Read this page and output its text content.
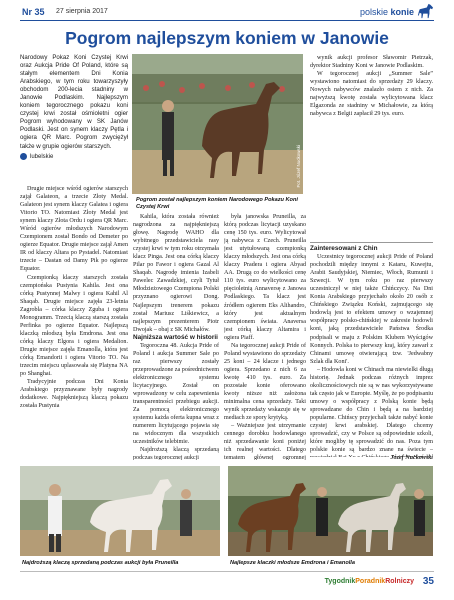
Nr 35 27 sierpnia 2017	polskie konie
Pogrom najlepszym koniem w Janowie

Narodowy Pokaz Koni Czystej Krwi oraz Aukcja Pride Of Poland, które są stałym elementem Dni Konia Arabskiego, w tym roku towarzyszyły obchodom 200-lecia stadniny w Janowie Podlaskim. Najlepszym koniem tegorocznego pokazu koni czystej krwi został ośmioletni ogier Pogrom wyhodowany w SK Janów Podlaski. Jest on synem klaczy Pętla i ogiera QR Marc. Pogrom zwyciężył także w grupie ogierów starszych.

lubelskie	Fot. Józef Nuckowski
Pogrom został najlepszym koniem Narodowego Pokazu Koni Czystej Krwi

Drugie miejsce wśród ogierów starszych zajął Galateon, a trzecie Złoty Medal. Galateon jest synem klaczy Galatea i ogiera Vitorio TO. Natomiast Złoty Medal jest synem klaczy Złota Ordu i ogiera QR Marc. Wśród ogierów młodszych Narodowym Czempionem został Bondo od Demeter po ogierze Equator. Drugie miejsce zajął Amen IR od klaczy Altara po Pystadel. Natomiast trzecie – Dastan od Damy Pik po ogierze Equator.

Czempionką klaczy starszych została czempiońska Pustynia Kahila. Jest ona córką Pustynnej Malwy i ogiera Kahil Al Shaqab. Drugie miejsce zajęła 23-letnia Zagrobla – córka klaczy Zguba i ogiera Monogramm. Trzecią klaczą starszą została Perfinka po ogierze Equator. Najlepszą klaczką młodszą była Emdrona. Jest ona córką klaczy Elgora i ogiera Medalion. Drugie miejsce zajęła Emanolla, która jest córką Emandorii i ogiera Vitorio TO. Na trzecim miejscu uplasowała się Platyna NA po Shanghai.

Tradycyjnie podczas Dni Konia Arabskiego przyznawane były nagrody dodatkowe. Najpiękniejszą klaczą pokazu została Pustynia

Kahila, która została również nagrodzona za najpiękniejszą głowę. Nagrodę WAHO dla wybitnego przedstawiciela rasy czystej krwi w tym roku otrzymała klacz Pinga. Jest ona córką klaczy Pilar po Fawor i ogiera Gazal Al Shaqab. Nagrodę imienia Izabeli Pawelec Zawadzkiej, czyli Tytuł Młodzieżowego Czempiona Polski przyznano ogierowi Dong. Najlepszym trenerem pokazu został Mariusz Liśkiewicz, a najlepszym prezenterem Piotr Dwojak – obaj z SK Michałów.

Najniższa wartość w historii

Tegoroczna 48. Aukcja Pride of Poland i aukcja Summer Sale po raz pierwszy zostały przeprowadzone za pośrednictwem elektronicznego systemu licytacyjnego. Został on wprowadzony w celu zapewnienia transparentności przebiegu aukcji. Za pomocą elektronicznego systemu każda oferta kupna wraz z numerem licytującego pojawia się na widocznym dla wszystkich uczestników telebimie.

Najdroższą klaczą sprzedaną podczas tegorocznej aukcji

była janowska Pruneilla, za którą podczas licytacji uzyskano cenę 150 tys. euro. Wylicytował ją nabywca z Czech. Pruneilla jest utytułowaną czempionką klaczy młodszych. Jest ona córką klaczy Pradera i ogiera Abyad AA. Drugą co do wielkości cenę 110 tys. euro wylicytowano za pięcioletnią Annaversę z Janowa Podlaskiego. Ta klacz jest źródłem ogierem Eks Alihandro, który jest aktualnym czempionem świata. Anaversa jest córką klaczy Altamira i ogiera Piaff.

Na tegorocznej aukcji Pride of Poland wystawiono do sprzedaży 25 koni – 24 klacze i jednego ogiera. Sprzedano z nich 6 za kwotę 410 tys. euro. Za pozostałe konie oferowano kwoty niższe niż założona minimalna cena sprzedaży. Taki wynik sprzedaży wskazuje się w mediach ze spory krytyką.

– Ważniejsze jest utrzymanie cennego dorobku hodowlanego niż sprzedawanie koni poniżej ich realnej wartości. Dlatego tematem głównej ogromnej

wynik aukcji profesor Sławomir Pietrzak, dyrektor Stadniny Koni w Janowie Podlaskim.

W tegorocznej aukcji „Summer Sale” wystawiono natomiast do sprzedaży 29 klaczy. Nowych nabywców znalazło osiem z nich. Za najwyższą kwotę została wylicytowana klacz Elgazonda ze stadniny w Michałowie, za którą nabywca z Belgii zapłacił 29 tys. euro.

Zainteresowani z Chin

Uczestnicy tegorocznej aukcji Pride of Poland pochodzili między innymi z Kataru, Kuwejtu, Arabii Saudyjskiej, Niemiec, Włoch, Rumunii i Szwecji. W tym roku po raz pierwszy uczestniczył w niej także Chińczycy. Na Dni Konia Arabskiego przyjechało około 20 osób z Chińskiego Związku Koński, zajmującego się hodowlą jest to efektem umowy o wzajemnej współpracy polsko-chińskiej w zakresie hodowli koni, jaką przedstawiciele Państwa Środka podpisali w maju z Polskim Klubem Wyścigów Konnych. Polska to pierwszy kraj, który zawarł z Chinami umowę otwierającą tzw. 'Jedwabny Szlak dla Koni'.

– Hodowla koni w Chinach ma niewielki długą historię. Jednak podczas różnych imprez okolicznościowych nie są w nas wykorzystywane tak często jak w Europie. Myślę, że po podpisaniu umowy o współpracy z Polską konie będą sprowadzane do Chin i będą a na bardziej popularne. Chińscy przyjechali także nabyć konie czystej krwi arabskiej. Dlatego chcemy sprowadzić, czy w Polsce są odpowiednie szkoli, które mogliby tę sprowadzić do nas. Poza tym polskie konie są bardzo znane na świecie –

Józef Nuckowski

Najdroższą klaczą sprzedaną podczas aukcji była Pruneilla	Najlepsze klaczki młodsze Emdrona i Emanolla
TygodnikPoradnikRolniczy 35
